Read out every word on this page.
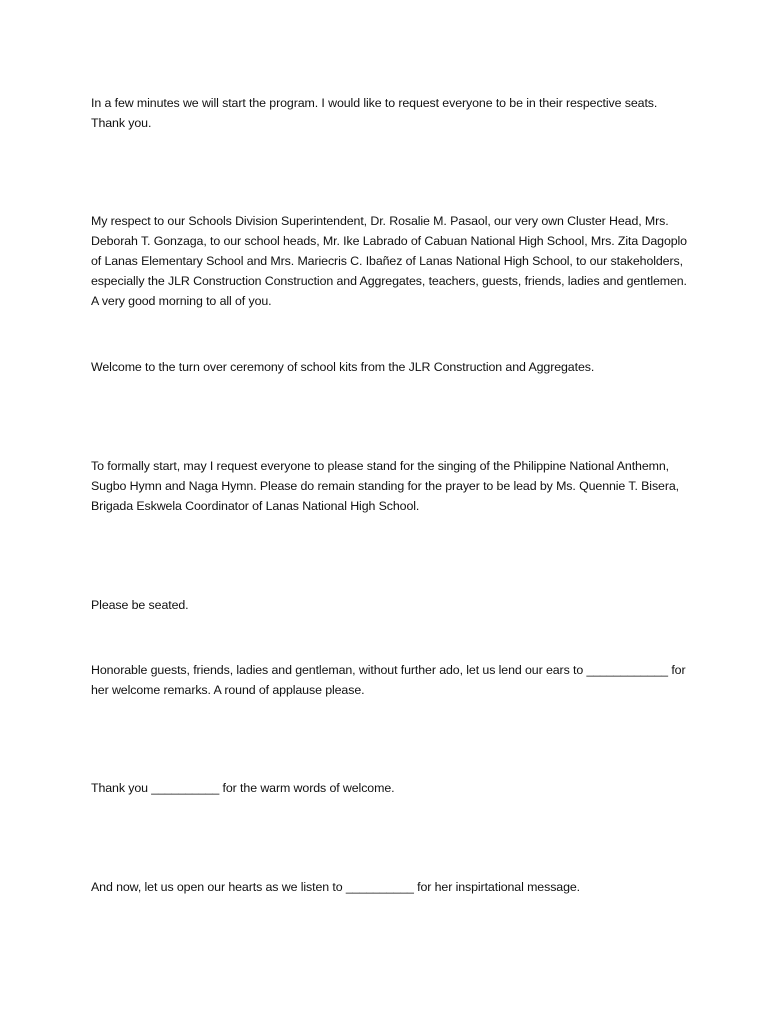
In a few minutes we will start the program. I would like to request everyone to be in their respective seats. Thank you.

My respect to our Schools Division Superintendent, Dr. Rosalie M. Pasaol, our very own Cluster Head, Mrs. Deborah T. Gonzaga, to our school heads, Mr. Ike Labrado of Cabuan National High School, Mrs. Zita Dagoplo of Lanas Elementary School and Mrs. Mariecris C. Ibañez of Lanas National High School, to our stakeholders, especially the JLR Construction Construction and Aggregates, teachers, guests, friends, ladies and gentlemen. A very good morning to all of you.

Welcome to the turn over ceremony of school kits from the JLR Construction and Aggregates.

To formally start, may I request everyone to please stand for the singing of the Philippine National Anthemn, Sugbo Hymn and Naga Hymn. Please do remain standing for the prayer to be lead by Ms. Quennie T. Bisera, Brigada Eskwela Coordinator of Lanas National High School.

Please be seated.

Honorable guests, friends, ladies and gentleman, without further ado, let us lend our ears to ____________ for her welcome remarks. A round of applause please.

Thank you __________ for the warm words of welcome.

And now, let us open our hearts as we listen to __________ for her inspirtational message.
